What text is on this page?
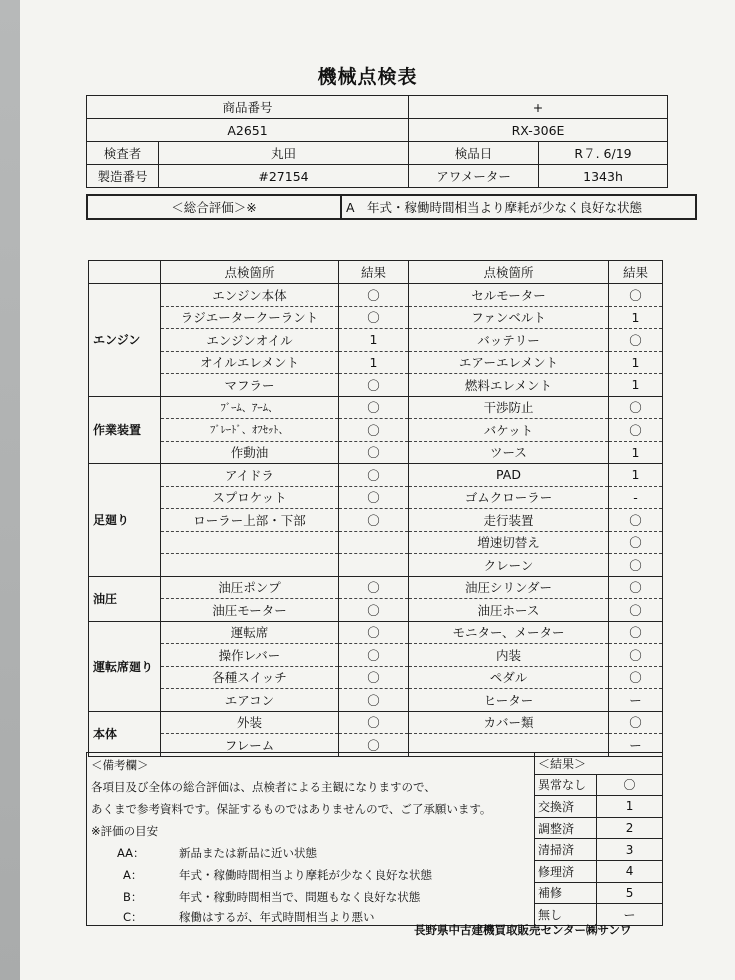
機械点検表
商品番号		+	
A2651		RX-306E	
検査者	丸田	検品日	R７. 6/19
製造番号	#27154	アワメーター	1343h
＜総合評価＞※	A　年式・稼働時間相当より摩耗が少なく良好な状態
	点検箇所	結果	点検箇所	結果
エンジン	エンジン本体	〇	セルモーター	〇
	ラジエータークーラント	〇	ファンベルト	1
	エンジンオイル	1	バッテリー	〇
	オイルエレメント	1	エアーエレメント	1
	マフラー	〇	燃料エレメント	1
作業装置	ﾌﾞｰﾑ、ｱｰﾑ、	〇	干渉防止	〇
	ﾌﾞﾚｰﾄﾞ、ｵﾌｾｯﾄ、	〇	バケット	〇
	作動油	〇	ツース	1
足廻り	アイドラ	〇	PAD	1
	スプロケット	〇	ゴムクローラー	-
	ローラー上部・下部	〇	走行装置	〇
			増速切替え	〇
			クレーン	〇
油圧	油圧ポンプ	〇	油圧シリンダー	〇
	油圧モーター	〇	油圧ホース	〇
運転席廻り	運転席	〇	モニター、メーター	〇
	操作レバー	〇	内装	〇
	各種スイッチ	〇	ペダル	〇
	エアコン	〇	ヒーター	ー
本体	外装	〇	カバー類	〇
	フレーム	〇		ー
＜備考欄＞
各項目及び全体の総合評価は、点検者による主観になりますので、
あくまで参考資料です。保証するものではありませんので、ご了承願います。
※評価の目安
AA：	新品または新品に近い状態
A：	年式・稼働時間相当より摩耗が少なく良好な状態
B：	年式・稼動時間相当で、問題もなく良好な状態
C：	稼働はするが、年式時間相当より悪い
＜結果＞	
異常なし	〇
交換済	1
調整済	2
清掃済	3
修理済	4
補修	5
無し	ー
長野県中古建機買取販売センター㈱サンワ
